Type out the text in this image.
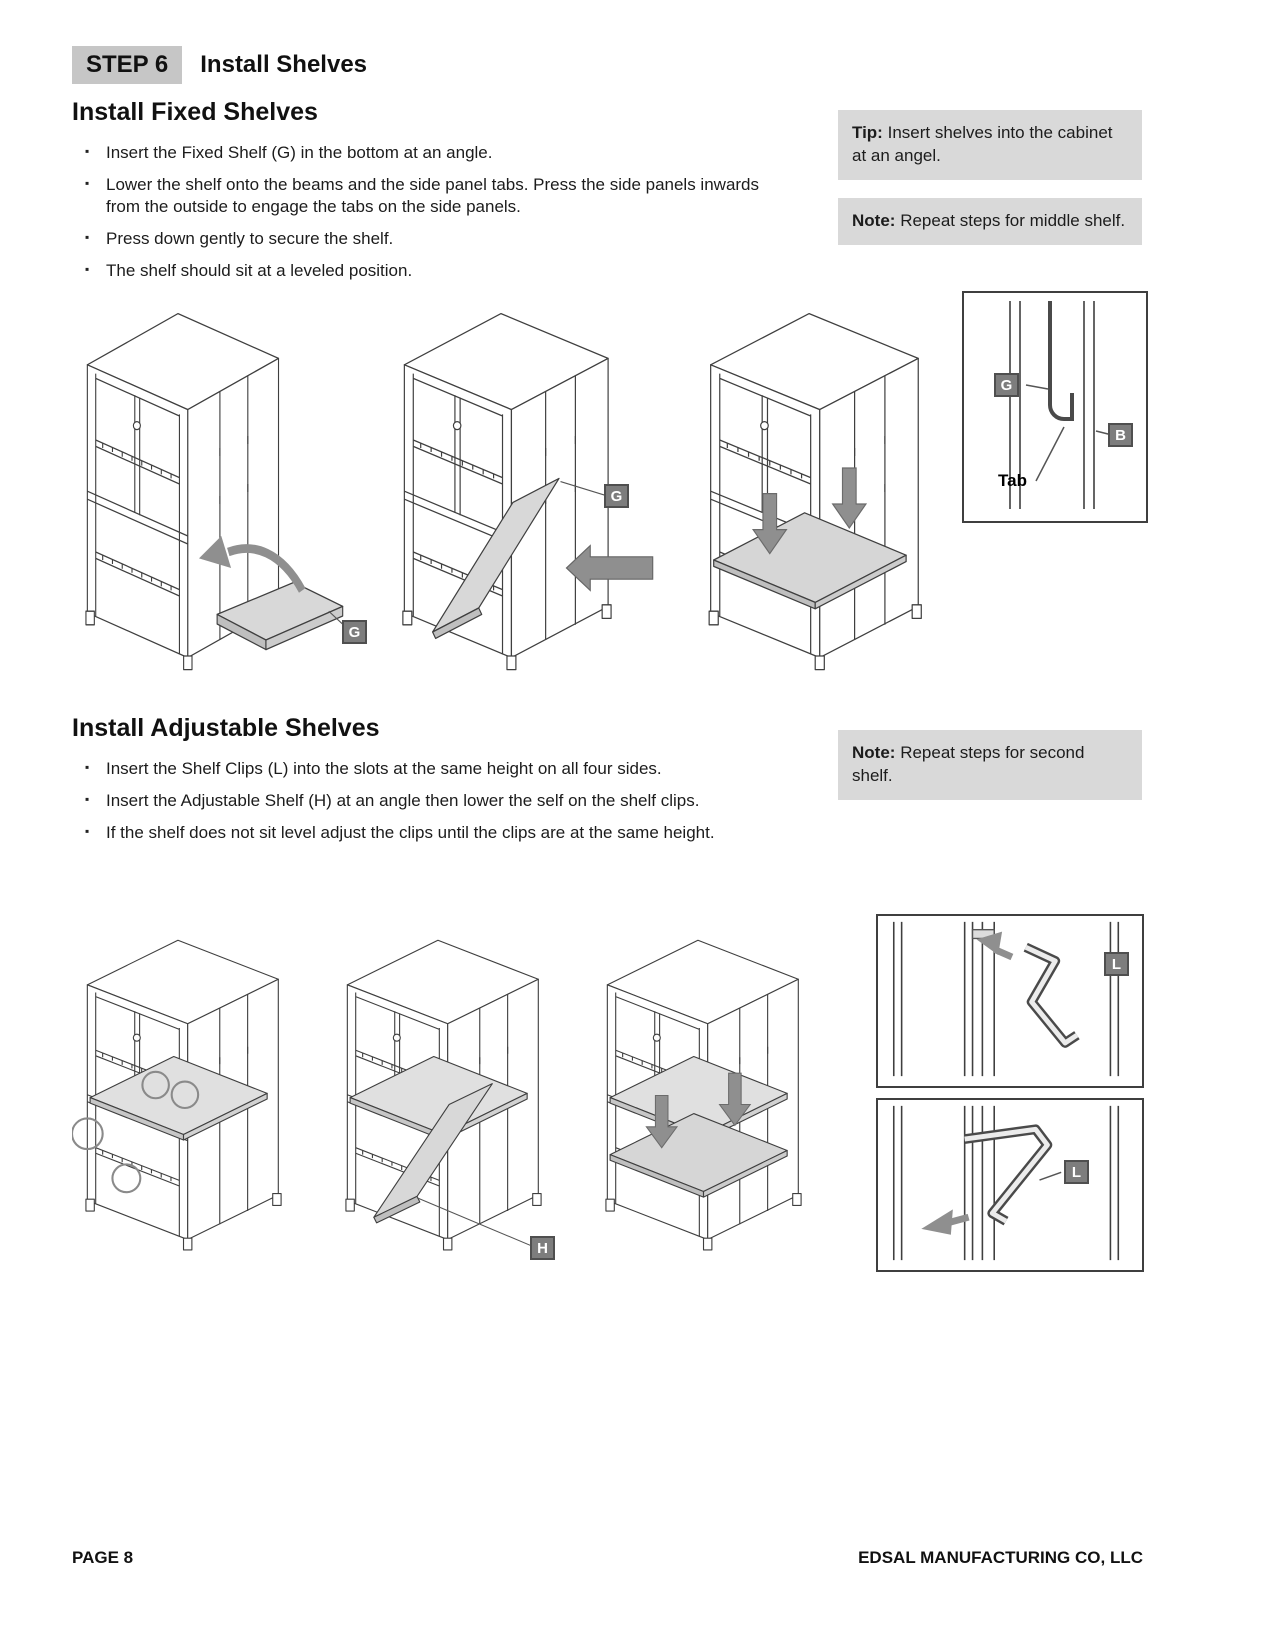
STEP 6	Install Shelves
Install Fixed Shelves
▪ Insert the Fixed Shelf (G) in the bottom at an angle.
▪ Lower the shelf onto the beams and the side panel tabs. Press the side panels inwards from the outside to engage the tabs on the side panels.
▪ Press down gently to secure the shelf.
▪ The shelf should sit at a leveled position.
Tip: Insert shelves into the cabinet at an angel.
Note: Repeat steps for middle shelf.
G
G
G
B
Tab
Install Adjustable Shelves
▪ Insert the Shelf Clips (L) into the slots at the same height on all four sides.
▪ Insert the Adjustable Shelf (H) at an angle then lower the self on the shelf clips.
▪ If the shelf does not sit level adjust the clips until the clips are at the same height.
Note: Repeat steps for second shelf.
H
L
L
PAGE 8	EDSAL MANUFACTURING CO, LLC
